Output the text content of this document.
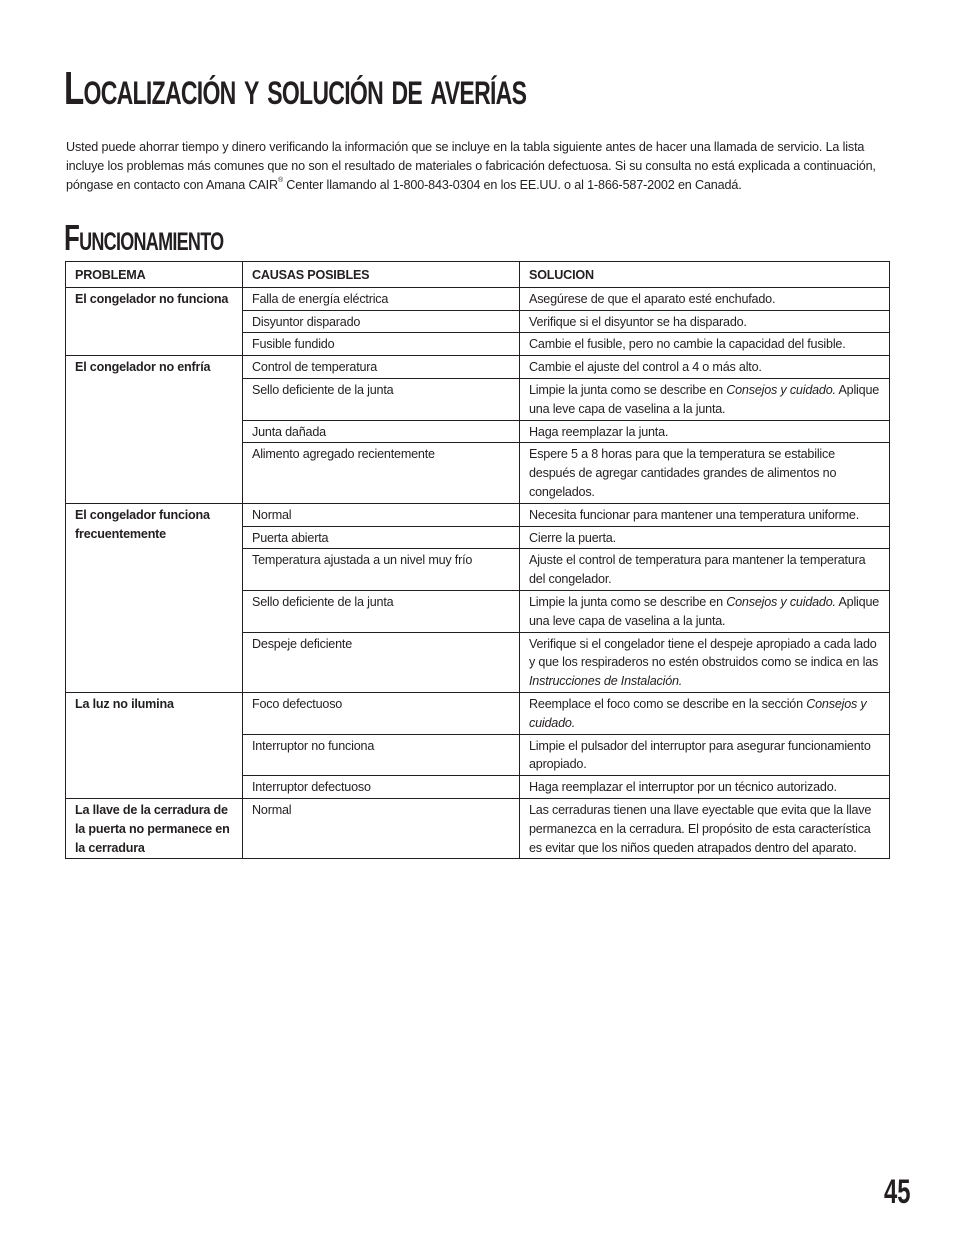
Localización y solución de averías

Usted puede ahorrar tiempo y dinero verificando la información que se incluye en la tabla siguiente antes de hacer una llamada de servicio. La lista incluye los problemas más comunes que no son el resultado de materiales o fabricación defectuosa. Si su consulta no está explicada a continuación, póngase en contacto con Amana CAIR® Center llamando al 1-800-843-0304 en los EE.UU. o al 1-866-587-2002 en Canadá.

Funcionamiento
PROBLEMA	CAUSAS POSIBLES	SOLUCION
El congelador no funciona	Falla de energía eléctrica	Asegúrese de que el aparato esté enchufado.
	Disyuntor disparado	Verifique si el disyuntor se ha disparado.
	Fusible fundido	Cambie el fusible, pero no cambie la capacidad del fusible.
El congelador no enfría	Control de temperatura	Cambie el ajuste del control a 4 o más alto.
	Sello deficiente de la junta	Limpie la junta como se describe en Consejos y cuidado. Aplique una leve capa de vaselina a la junta.
	Junta dañada	Haga reemplazar la junta.
	Alimento agregado recientemente	Espere 5 a 8 horas para que la temperatura se estabilice después de agregar cantidades grandes de alimentos no congelados.
El congelador funciona frecuentemente	Normal	Necesita funcionar para mantener una temperatura uniforme.
	Puerta abierta	Cierre la puerta.
	Temperatura ajustada a un nivel muy frío	Ajuste el control de temperatura para mantener la temperatura del congelador.
	Sello deficiente de la junta	Limpie la junta como se describe en Consejos y cuidado. Aplique una leve capa de vaselina a la junta.
	Despeje deficiente	Verifique si el congelador tiene el despeje apropiado a cada lado y que los respiraderos no estén obstruidos como se indica en las Instrucciones de Instalación.
La luz no ilumina	Foco defectuoso	Reemplace el foco como se describe en la sección Consejos y cuidado.
	Interruptor no funciona	Limpie el pulsador del interruptor para asegurar funcionamiento apropiado.
	Interruptor defectuoso	Haga reemplazar el interruptor por un técnico autorizado.
La llave de la cerradura de la puerta no permanece en la cerradura	Normal	Las cerraduras tienen una llave eyectable que evita que la llave permanezca en la cerradura. El propósito de esta característica es evitar que los niños queden atrapados dentro del aparato.
45
